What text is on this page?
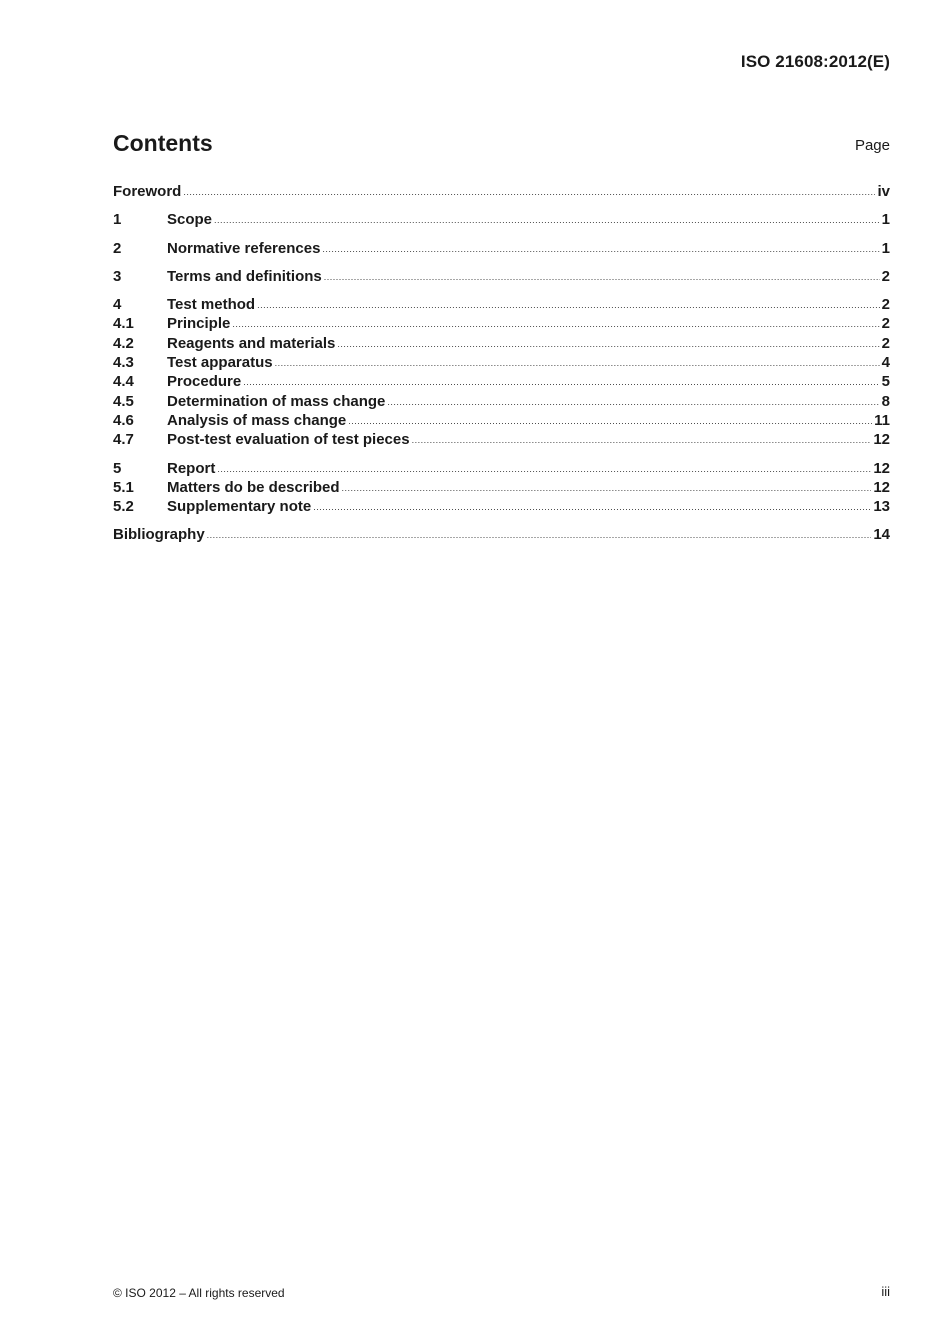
ISO 21608:2012(E)
Contents	Page
Foreword .....	iv
1	Scope .....	1
2	Normative references .....	1
3	Terms and definitions .....	2
4	Test method .....	2
4.1	Principle .....	2
4.2	Reagents and materials .....	2
4.3	Test apparatus .....	4
4.4	Procedure .....	5
4.5	Determination of mass change .....	8
4.6	Analysis of mass change .....	11
4.7	Post-test evaluation of test pieces .....	12
5	Report .....	12
5.1	Matters do be described .....	12
5.2	Supplementary note .....	13
Bibliography .....	14
© ISO 2012 – All rights reserved	iii
